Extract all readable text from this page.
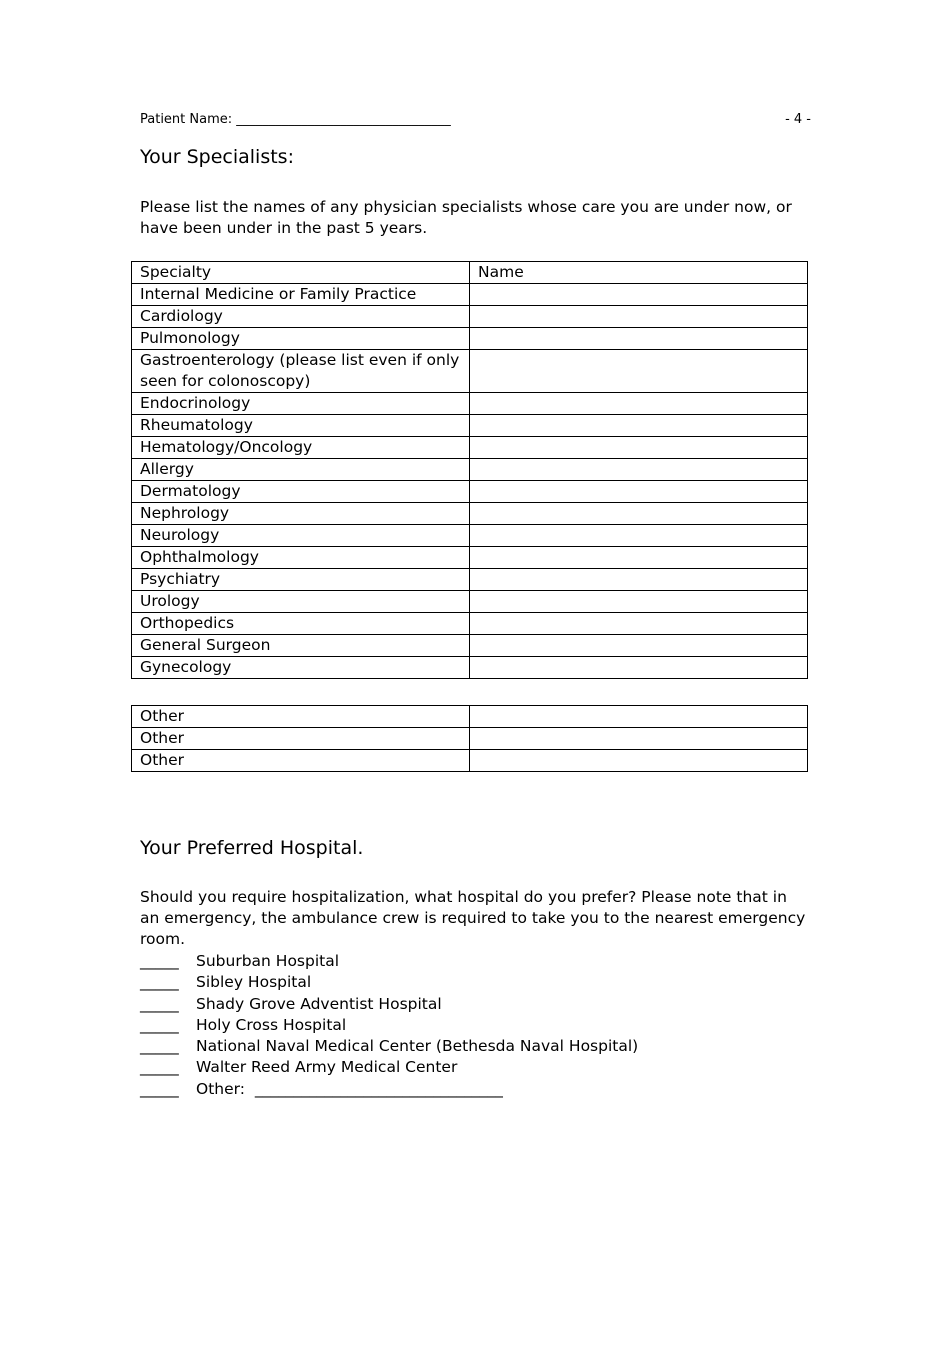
Patient Name: _________________________________	- 4 -
Your Specialists:

Please list the names of any physician specialists whose care you are under now, or have been under in the past 5 years.

Specialty	Name
Internal Medicine or Family Practice	
Cardiology	
Pulmonology	
Gastroenterology (please list even if only seen for colonoscopy)	
Endocrinology	
Rheumatology	
Hematology/Oncology	
Allergy	
Dermatology	
Nephrology	
Neurology	
Ophthalmology	
Psychiatry	
Urology	
Orthopedics	
General Surgeon	
Gynecology	
Other	
Other	
Other	
Your Preferred Hospital.

Should you require hospitalization, what hospital do you prefer? Please note that in an emergency, the ambulance crew is required to take you to the nearest emergency room.

_____ Suburban Hospital
_____ Sibley Hospital
_____ Shady Grove Adventist Hospital
_____ Holy Cross Hospital
_____ National Naval Medical Center (Bethesda Naval Hospital)
_____ Walter Reed Army Medical Center
_____ Other:  ________________________________
